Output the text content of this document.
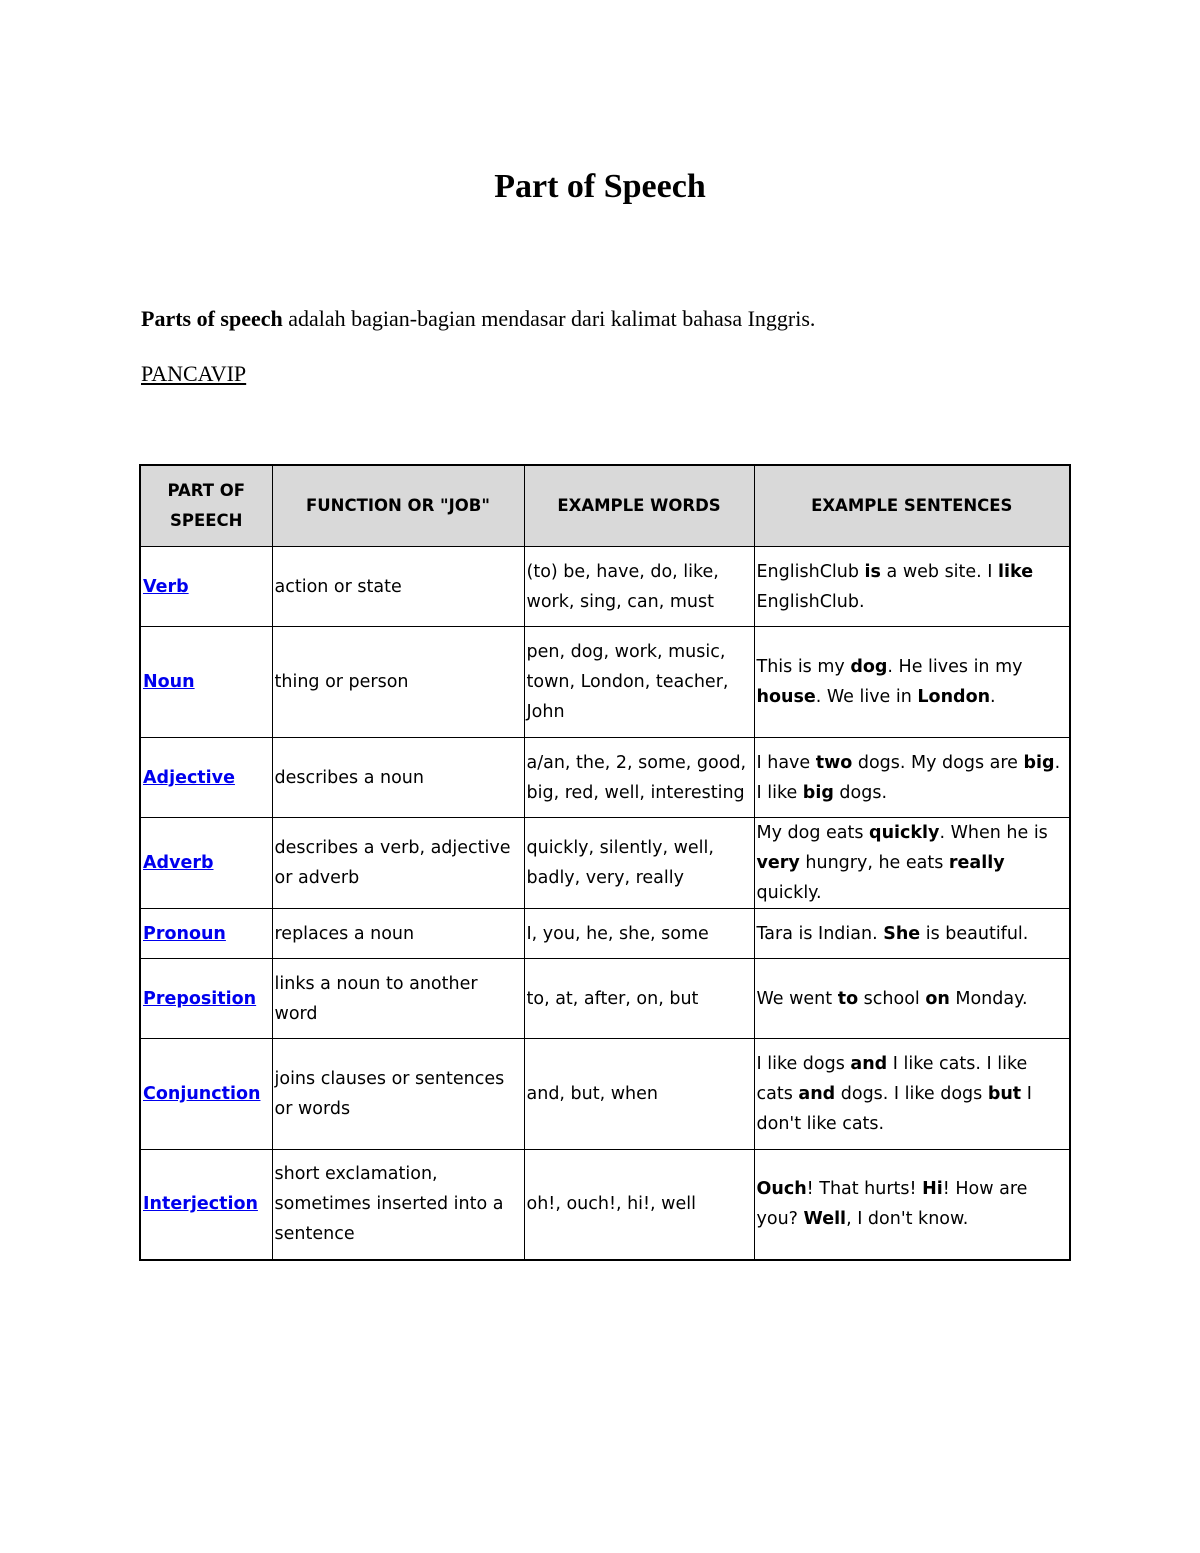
Part of Speech

Parts of speech adalah bagian-bagian mendasar dari kalimat bahasa Inggris.

PANCAVIP

PART OF SPEECH	FUNCTION OR "JOB"	EXAMPLE WORDS	EXAMPLE SENTENCES
Verb	action or state	(to) be, have, do, like, work, sing, can, must	EnglishClub is a web site. I like EnglishClub.
Noun	thing or person	pen, dog, work, music, town, London, teacher, John	This is my dog. He lives in my house. We live in London.
Adjective	describes a noun	a/an, the, 2, some, good, big, red, well, interesting	I have two dogs. My dogs are big. I like big dogs.
Adverb	describes a verb, adjective or adverb	quickly, silently, well, badly, very, really	My dog eats quickly. When he is very hungry, he eats really quickly.
Pronoun	replaces a noun	I, you, he, she, some	Tara is Indian. She is beautiful.
Preposition	links a noun to another word	to, at, after, on, but	We went to school on Monday.
Conjunction	joins clauses or sentences or words	and, but, when	I like dogs and I like cats. I like cats and dogs. I like dogs but I don't like cats.
Interjection	short exclamation, sometimes inserted into a sentence	oh!, ouch!, hi!, well	Ouch! That hurts! Hi! How are you? Well, I don't know.
